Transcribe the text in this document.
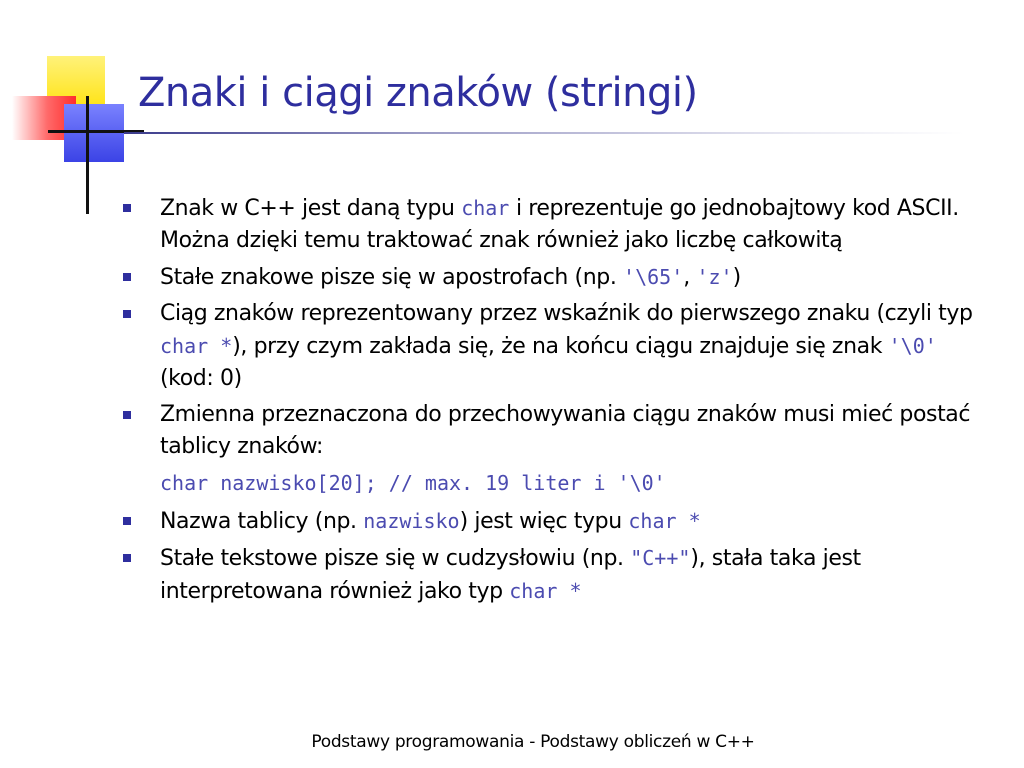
Znaki i ciągi znaków (stringi)
Znak w C++ jest daną typu char i reprezentuje go jednobajtowy kod ASCII.
Można dzięki temu traktować znak również jako liczbę całkowitą
Stałe znakowe pisze się w apostrofach (np. '\65', 'z')
Ciąg znaków reprezentowany przez wskaźnik do pierwszego znaku (czyli typ char *), przy czym zakłada się, że na końcu ciągu znajduje się znak '\0' (kod: 0)
Zmienna przeznaczona do przechowywania ciągu znaków musi mieć postać tablicy znaków:
char nazwisko[20]; // max. 19 liter i '\0'
Nazwa tablicy (np. nazwisko) jest więc typu char *
Stałe tekstowe pisze się w cudzysłowiu (np. "C++"), stała taka jest interpretowana również jako typ char *
Podstawy programowania - Podstawy obliczeń w C++
